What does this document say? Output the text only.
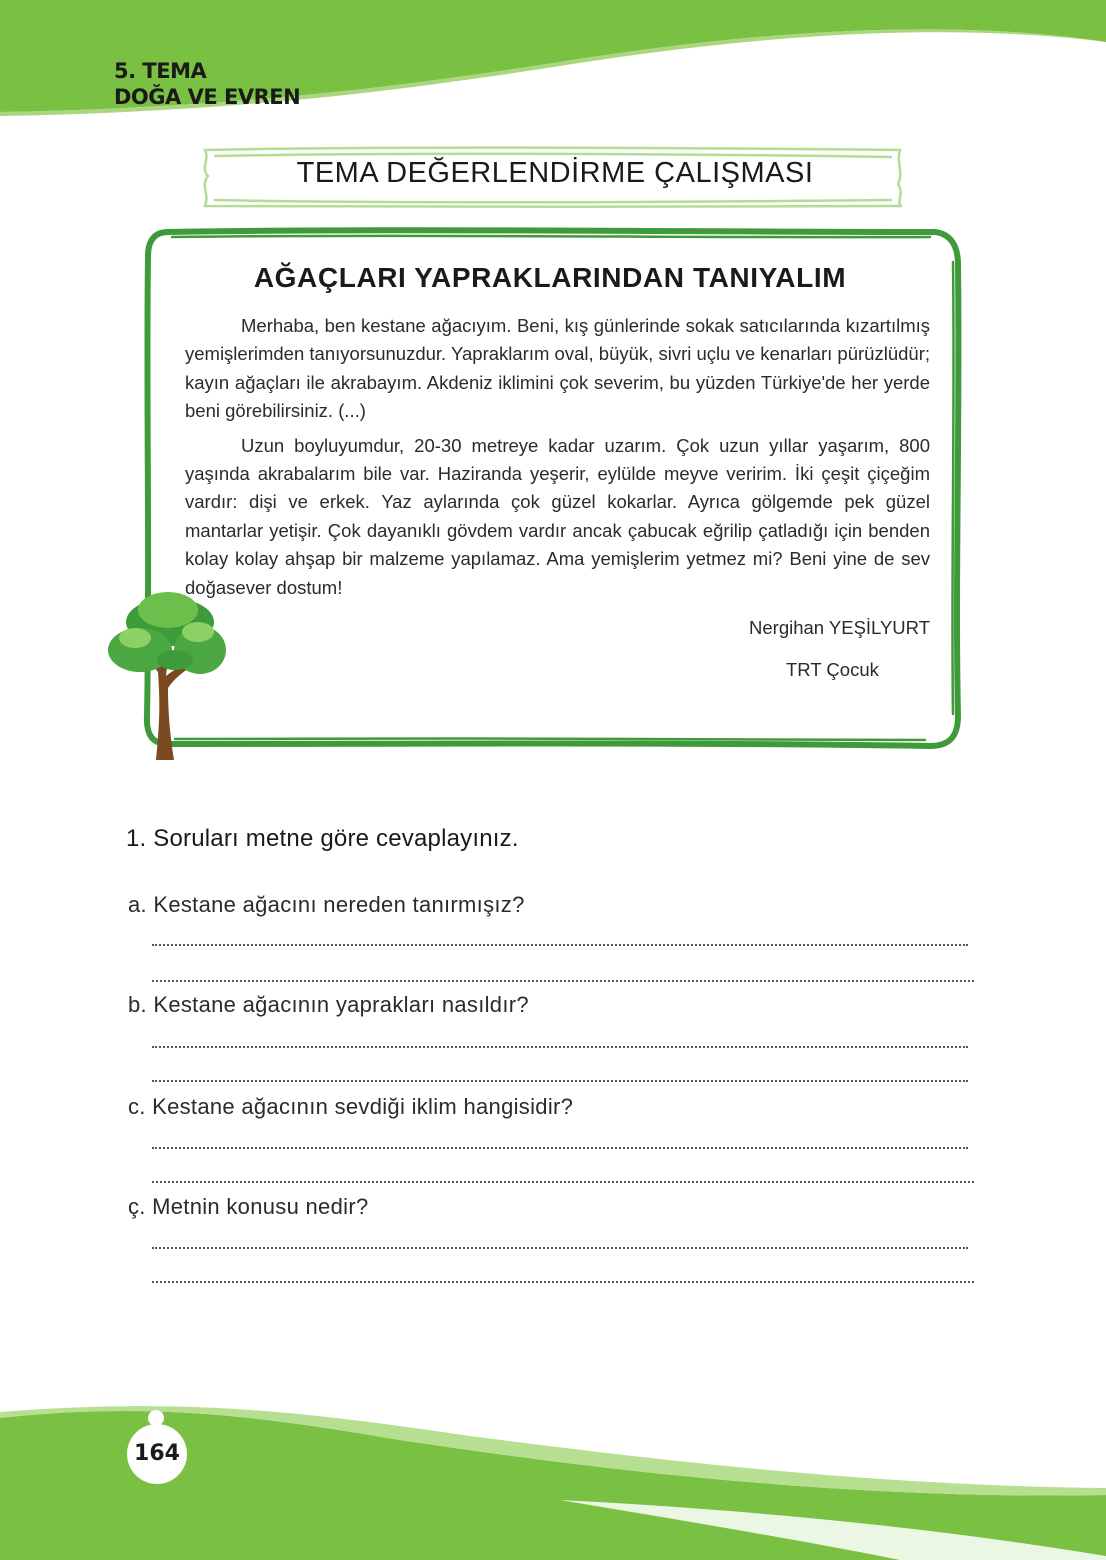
5. TEMA
DOĞA VE EVREN
TEMA DEĞERLENDİRME ÇALIŞMASI
AĞAÇLARI YAPRAKLARINDAN TANIYALIM

Merhaba, ben kestane ağacıyım. Beni, kış günlerinde sokak satıcılarında kızartılmış yemişlerimden tanıyorsunuzdur. Yapraklarım oval, büyük, sivri uçlu ve kenarları pürüzlüdür; kayın ağaçları ile akrabayım. Akdeniz iklimini çok severim, bu yüzden Türkiye'de her yerde beni görebilirsiniz. (...)

Uzun boyluyumdur, 20-30 metreye kadar uzarım. Çok uzun yıllar yaşarım, 800 yaşında akrabalarım bile var. Haziranda yeşerir, eylülde meyve veririm. İki çeşit çiçeğim vardır: dişi ve erkek. Yaz aylarında çok güzel kokarlar. Ayrıca gölgemde pek güzel mantarlar yetişir. Çok dayanıklı gövdem vardır ancak çabucak eğrilip çatladığı için benden kolay kolay ahşap bir malzeme yapılamaz. Ama yemişlerim yetmez mi? Beni yine de sev doğasever dostum!

Nergihan YEŞİLYURT
TRT Çocuk
1. Soruları metne göre cevaplayınız.
a. Kestane ağacını nereden tanırmışız?
b. Kestane ağacının yaprakları nasıldır?
c. Kestane ağacının sevdiği iklim hangisidir?
ç. Metnin konusu nedir?
164
